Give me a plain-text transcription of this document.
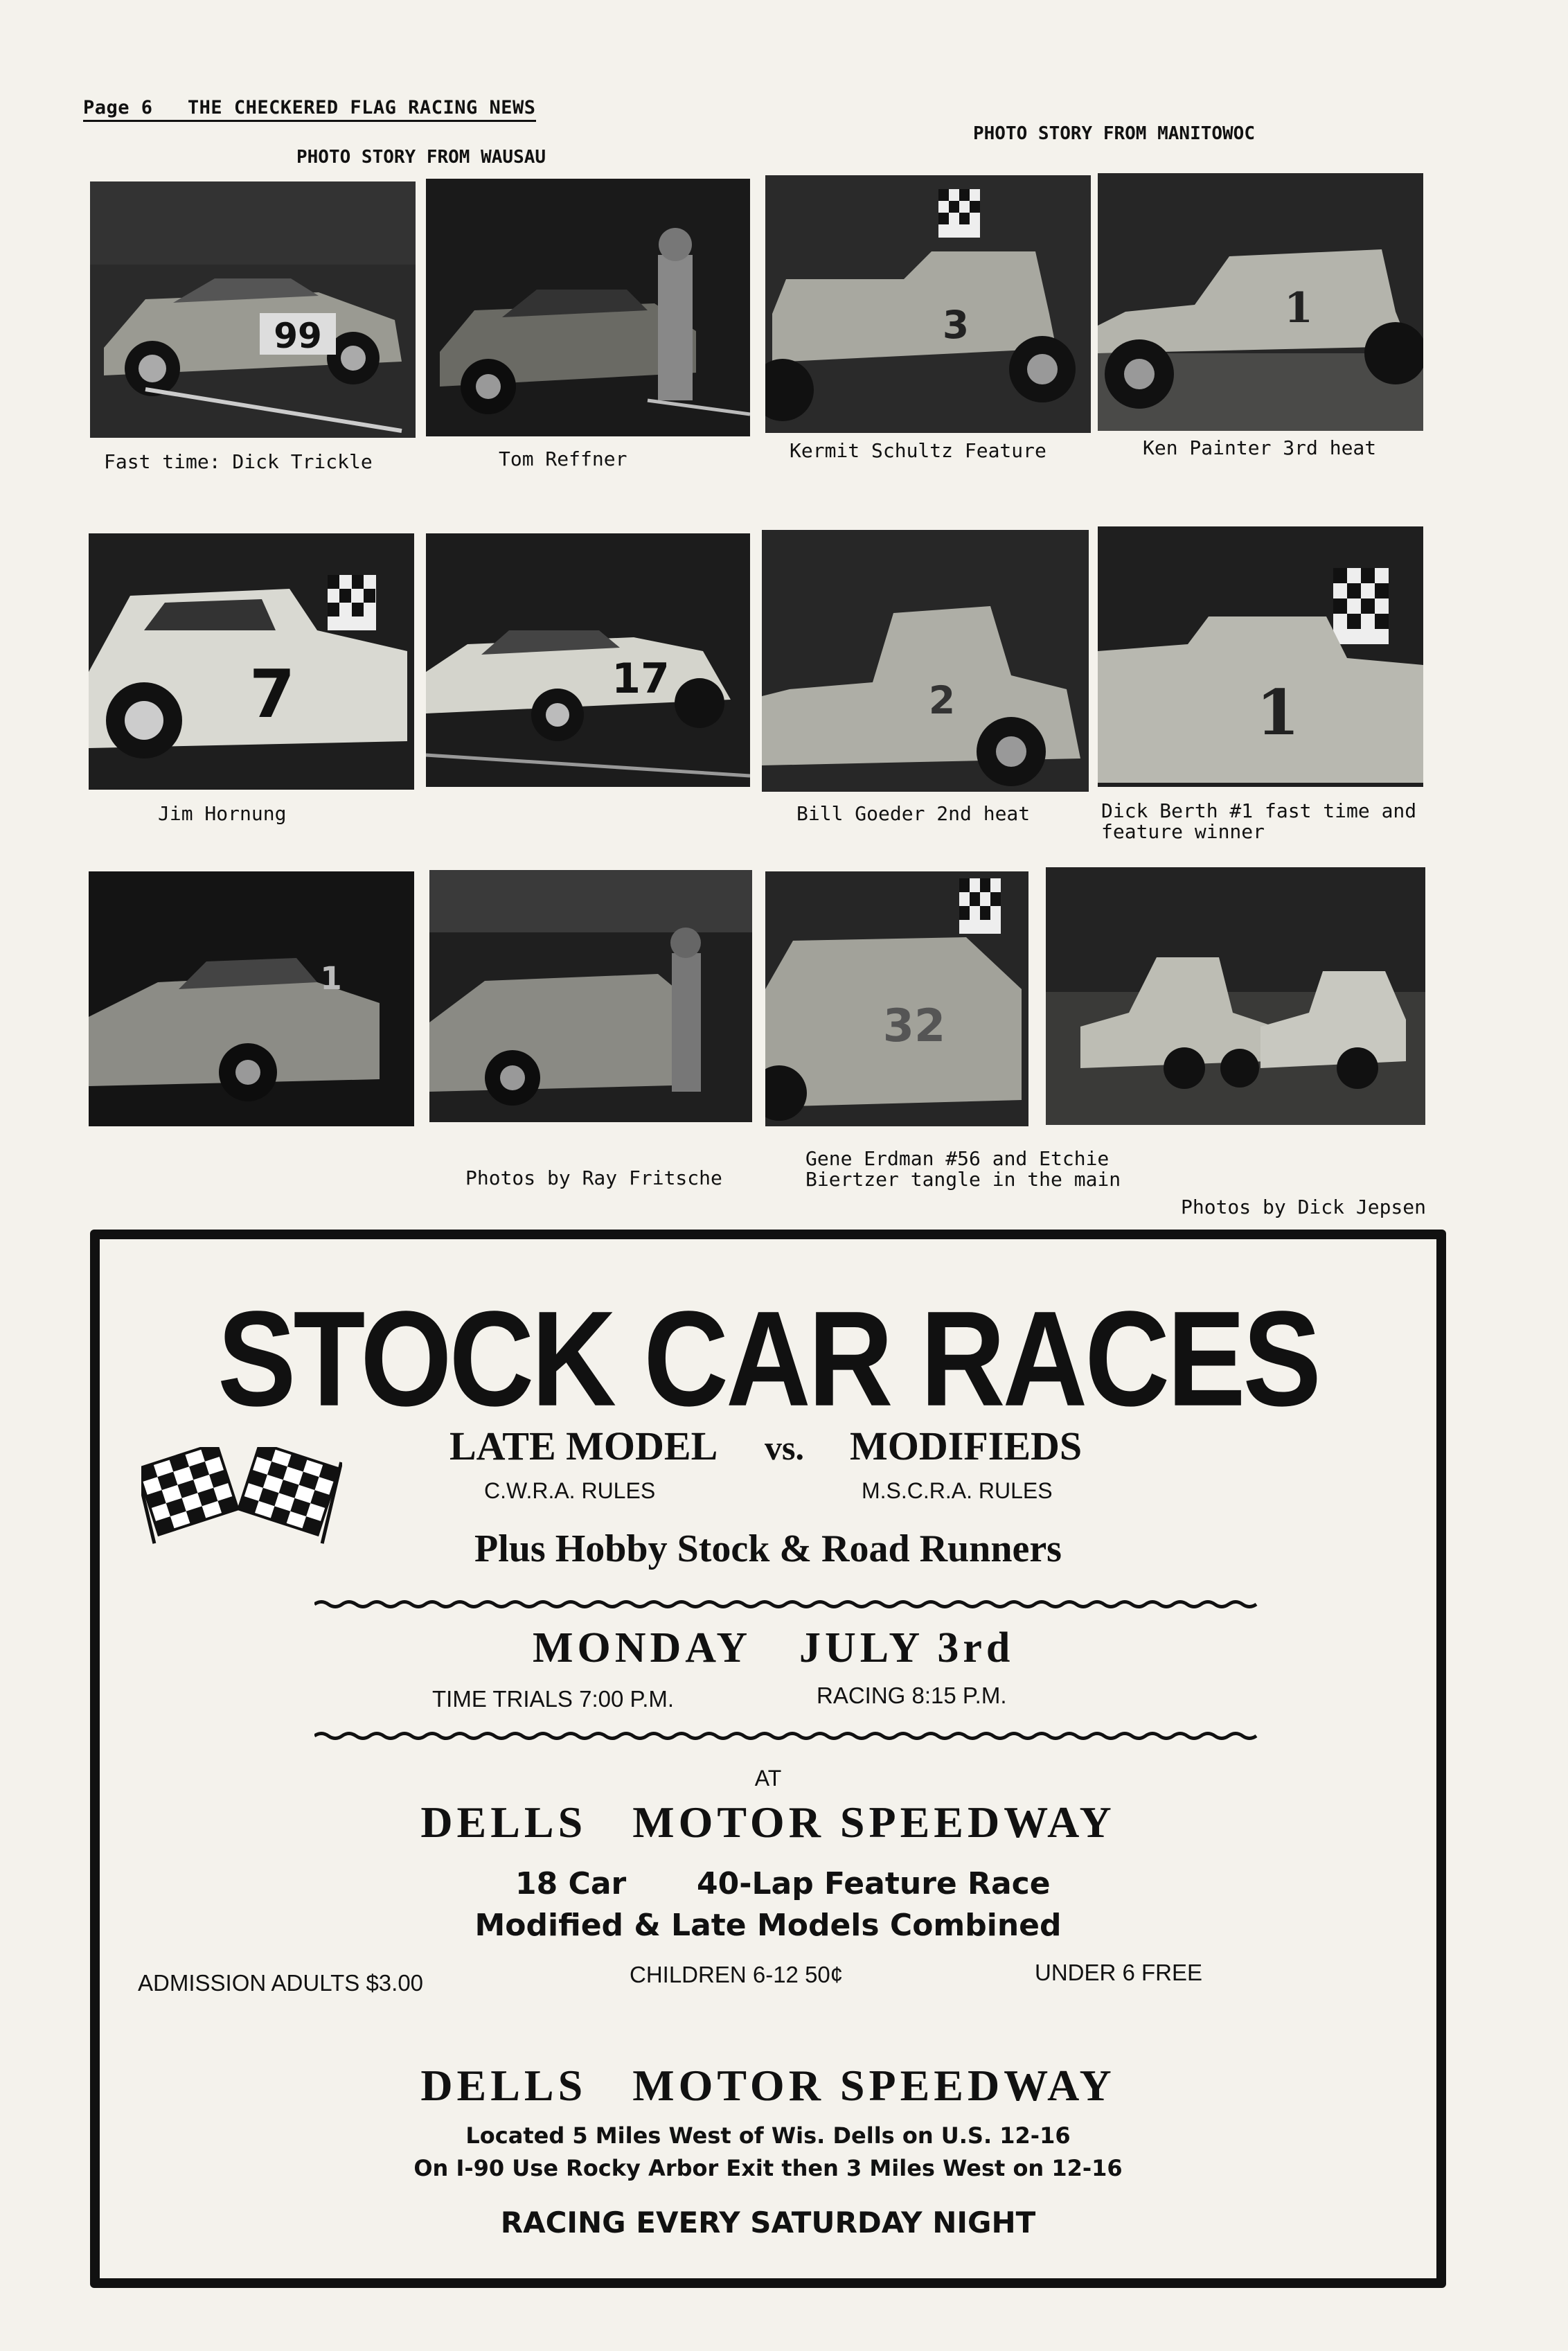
Page 6 THE CHECKERED FLAG RACING NEWS
PHOTO STORY FROM WAUSAU
PHOTO STORY FROM MANITOWOC
99	3	1
Fast time: Dick Trickle	Tom Reffner	Kermit Schultz Feature	Ken Painter 3rd heat
7	17	2	1
Jim Hornung	Bill Goeder 2nd heat	Dick Berth #1 fast time and
feature winner
1
32
Photos by Ray Fritsche
Gene Erdman #56 and Etchie
Biertzer tangle in the main
Photos by Dick Jepsen
STOCK CAR RACES
LATE MODEL vs. MODIFIEDS
C.W.R.A. RULES	M.S.C.R.A. RULES
Plus Hobby Stock & Road Runners
MONDAY JULY 3rd
TIME TRIALS 7:00 P.M.	RACING 8:15 P.M.
AT
DELLS   MOTOR SPEEDWAY
18 Car 40-Lap Feature Race
Modified & Late Models Combined
ADMISSION ADULTS $3.00	CHILDREN 6-12 50¢	UNDER 6 FREE
DELLS   MOTOR SPEEDWAY
Located 5 Miles West of Wis. Dells on U.S. 12-16
On I-90 Use Rocky Arbor Exit then 3 Miles West on 12-16
RACING EVERY SATURDAY NIGHT
